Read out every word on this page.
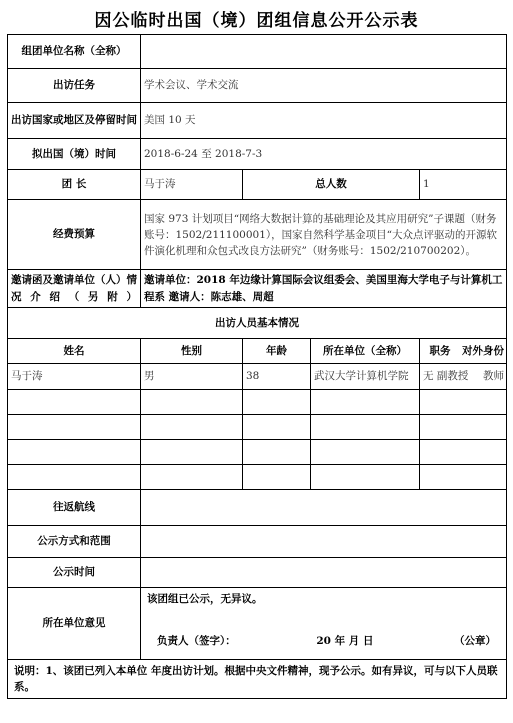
因公临时出国（境）团组信息公开公示表
组团单位名称（全称）				
出访任务	学术会议、学术交流			
出访国家或地区及停留时间	美国 10 天			
拟出国（境）时间	2018-6-24 至 2018-7-3			
团 长	马于涛	总人数		1
经费预算	国家 973 计划项目“网络大数据计算的基础理论及其应用研究”子课题（财务账号：1502/211100001），国家自然科学基金项目“大众点评驱动的开源软件演化机理和众包式改良方法研究”（财务账号：1502/210700202）。			
邀请函及邀请单位（人）情况介绍（另附）	邀请单位：2018 年边缘计算国际会议组委会、美国里海大学电子与计算机工程系 邀请人：陈志雄、周超			
出访人员基本情况				
姓名	性别	年龄	所在单位（全称）	职务 对外身份

马于涛	男	38	武汉大学计算机学院	无 副教授 教师

往返航线				
公示方式和范围				
公示时间				
所在单位意见	该团组已公示，无异议。
负责人（签字）： 20 年 月 日 （公章）			

说明：1、该团已列入本单位 年度出访计划。根据中央文件精神，现予公示。如有异议，可与以下人员联系。				
